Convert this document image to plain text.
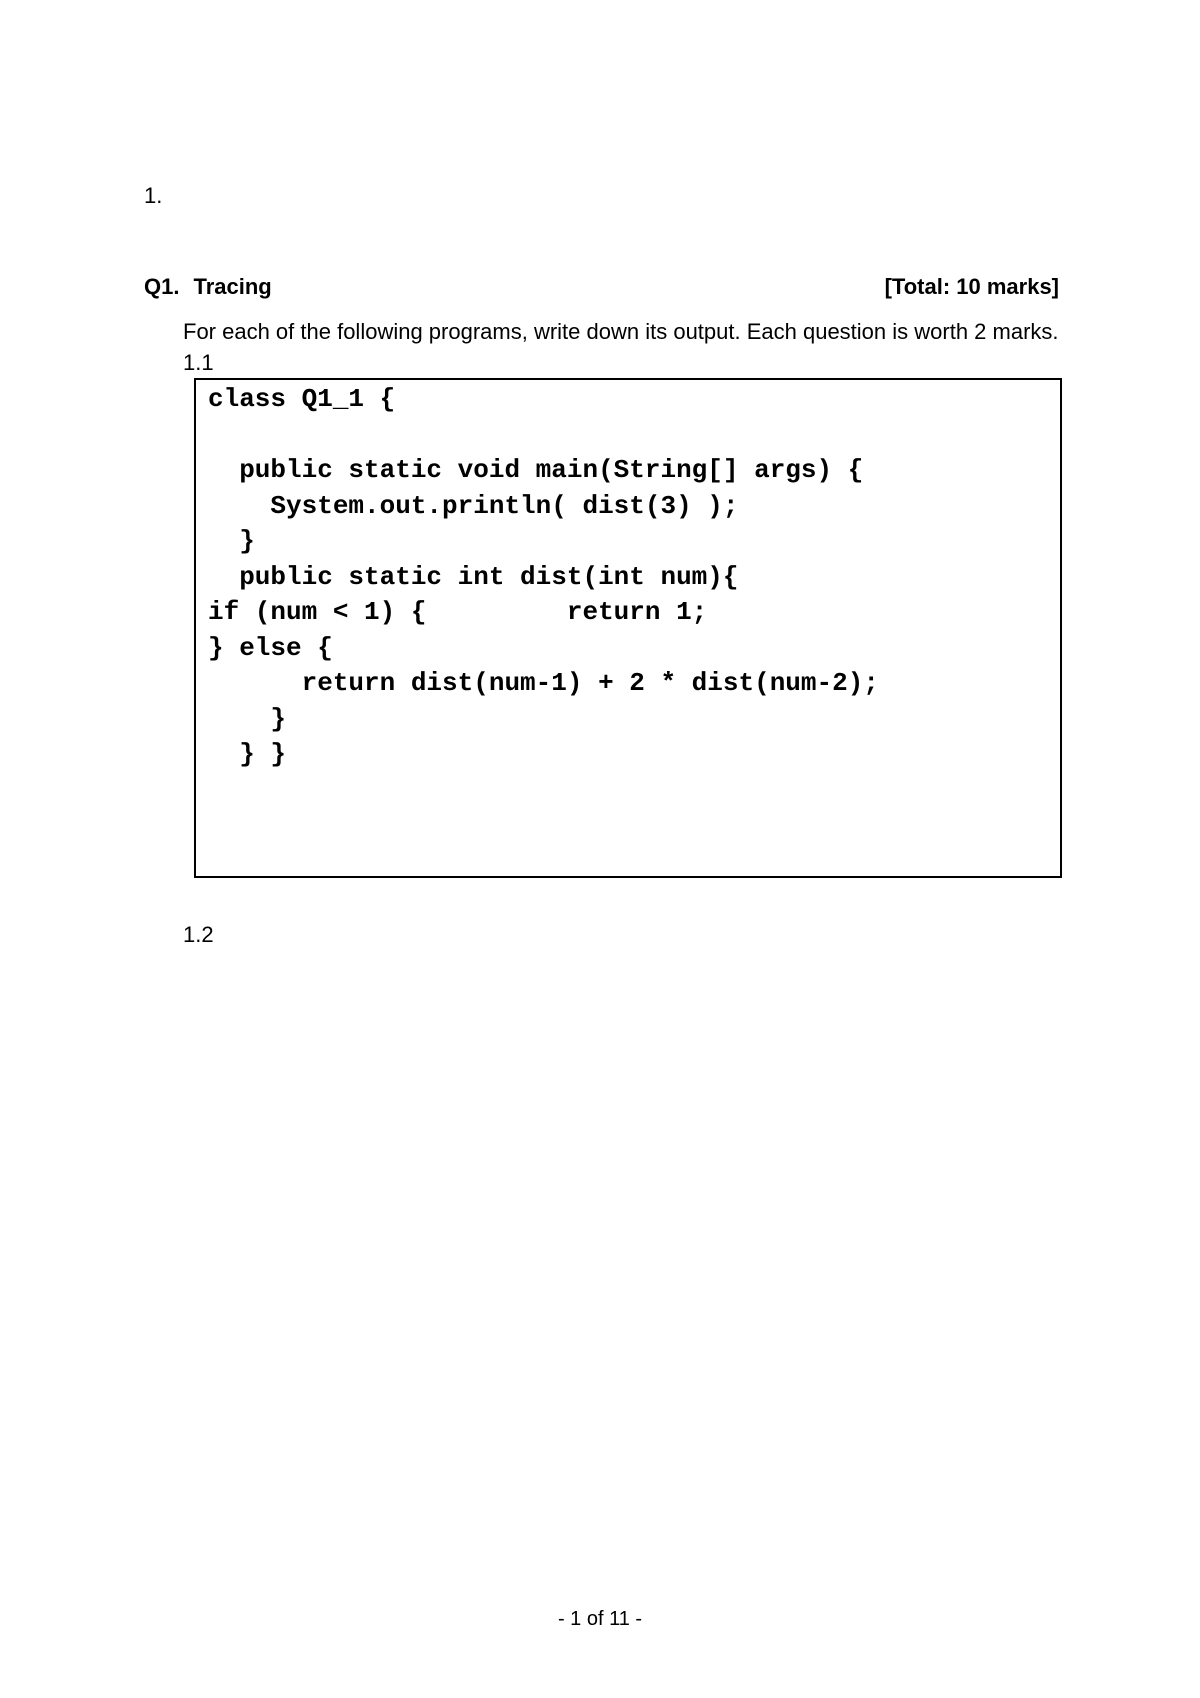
1.
Q1. Tracing	[Total: 10 marks]
For each of the following programs, write down its output. Each question is worth 2 marks. 1.1
class Q1_1 {

public static void main(String[] args) {
System.out.println( dist(3) );
}
public static int dist(int num){
if (num < 1) {         return 1;
} else {
return dist(num-1) + 2 * dist(num-2);
}
} }
1.2
- 1 of 11 -
